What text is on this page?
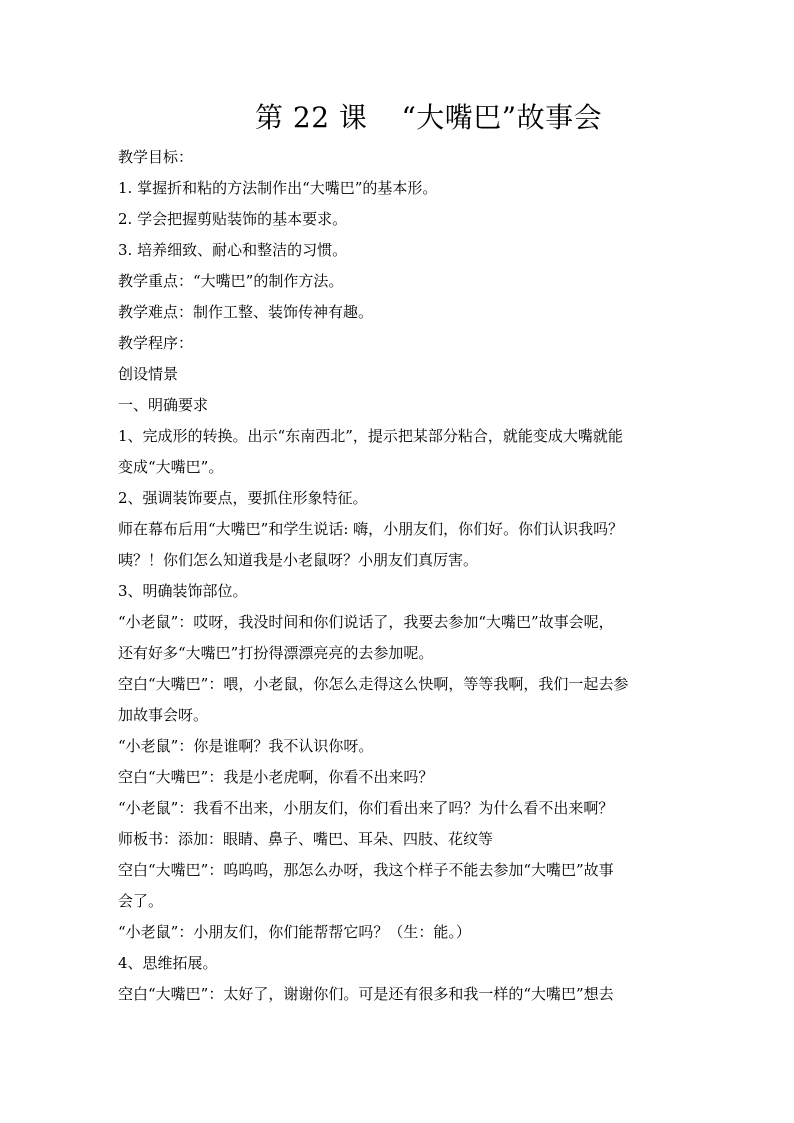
第 22 课 “大嘴巴”故事会
教学目标：
1. 掌握折和粘的方法制作出“大嘴巴”的基本形。
2. 学会把握剪贴装饰的基本要求。
3. 培养细致、耐心和整洁的习惯。
教学重点：“大嘴巴”的制作方法。
教学难点：制作工整、装饰传神有趣。
教学程序：
创设情景
一、明确要求
1、完成形的转换。出示“东南西北”，提示把某部分粘合，就能变成大嘴就能
变成“大嘴巴”。
2、强调装饰要点，要抓住形象特征。
师在幕布后用“大嘴巴”和学生说话: 嗨，小朋友们，你们好。你们认识我吗？
咦？！你们怎么知道我是小老鼠呀？小朋友们真厉害。
3、明确装饰部位。
“小老鼠”：哎呀，我没时间和你们说话了，我要去参加“大嘴巴”故事会呢，
还有好多“大嘴巴”打扮得漂漂亮亮的去参加呢。
空白“大嘴巴”：喂，小老鼠，你怎么走得这么快啊，等等我啊，我们一起去参
加故事会呀。
“小老鼠”：你是谁啊？我不认识你呀。
空白“大嘴巴”：我是小老虎啊，你看不出来吗？
“小老鼠”：我看不出来，小朋友们，你们看出来了吗？为什么看不出来啊？
师板书：添加：眼睛、鼻子、嘴巴、耳朵、四肢、花纹等
空白“大嘴巴”：呜呜呜，那怎么办呀，我这个样子不能去参加“大嘴巴”故事
会了。
“小老鼠”：小朋友们，你们能帮帮它吗？（生：能。）
4、思维拓展。
空白“大嘴巴”：太好了，谢谢你们。可是还有很多和我一样的“大嘴巴”想去
